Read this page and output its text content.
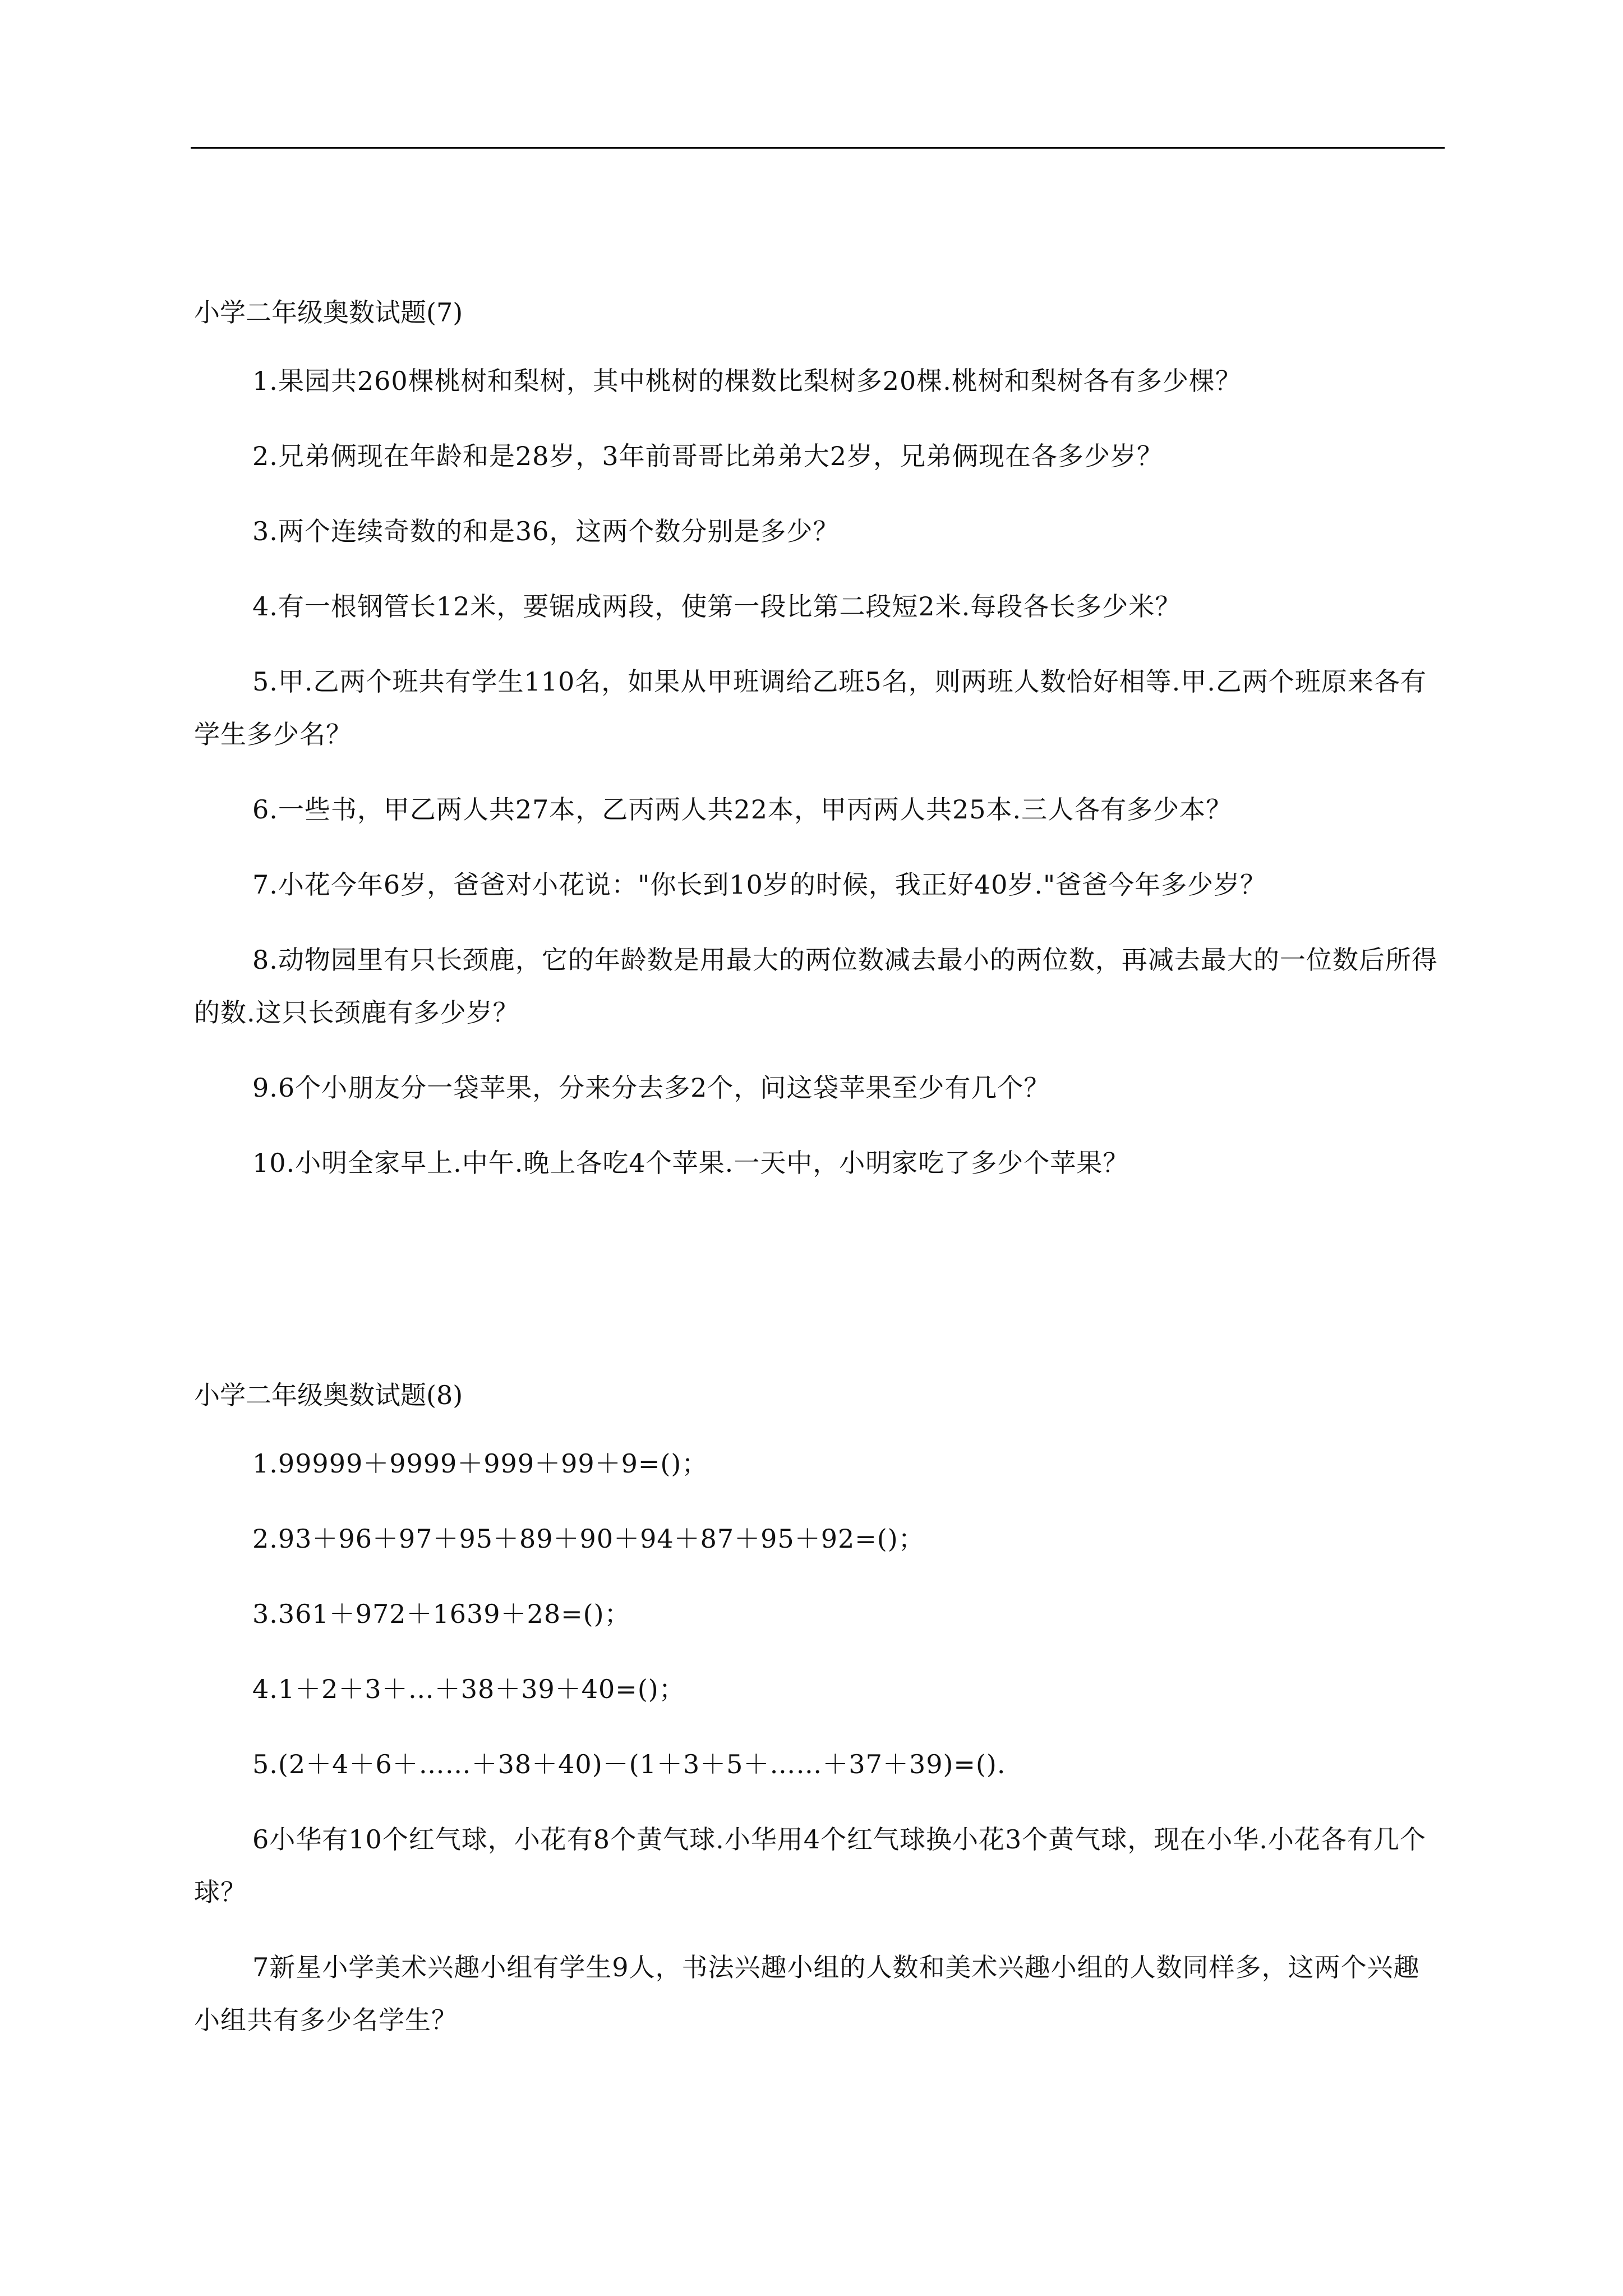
小学二年级奥数试题(7)

1.果园共260棵桃树和梨树，其中桃树的棵数比梨树多20棵.桃树和梨树各有多少棵？

2.兄弟俩现在年龄和是28岁，3年前哥哥比弟弟大2岁，兄弟俩现在各多少岁？

3.两个连续奇数的和是36，这两个数分别是多少？

4.有一根钢管长12米，要锯成两段，使第一段比第二段短2米.每段各长多少米？

5.甲.乙两个班共有学生110名，如果从甲班调给乙班5名，则两班人数恰好相等.甲.乙两个班原来各有学生多少名？

6.一些书，甲乙两人共27本，乙丙两人共22本，甲丙两人共25本.三人各有多少本？

7.小花今年6岁，爸爸对小花说："你长到10岁的时候，我正好40岁."爸爸今年多少岁？

8.动物园里有只长颈鹿，它的年龄数是用最大的两位数减去最小的两位数，再减去最大的一位数后所得的数.这只长颈鹿有多少岁？

9.6个小朋友分一袋苹果，分来分去多2个，问这袋苹果至少有几个？

10.小明全家早上.中午.晚上各吃4个苹果.一天中，小明家吃了多少个苹果？

小学二年级奥数试题(8)

1.99999＋9999＋999＋99＋9=()；

2.93＋96＋97＋95＋89＋90＋94＋87＋95＋92=()；

3.361＋972＋1639＋28=()；

4.1＋2＋3＋…＋38＋39＋40=()；

5.(2＋4＋6＋……＋38＋40)－(1＋3＋5＋……＋37＋39)=().

6小华有10个红气球，小花有8个黄气球.小华用4个红气球换小花3个黄气球，现在小华.小花各有几个球？

7新星小学美术兴趣小组有学生9人，书法兴趣小组的人数和美术兴趣小组的人数同样多，这两个兴趣小组共有多少名学生？
